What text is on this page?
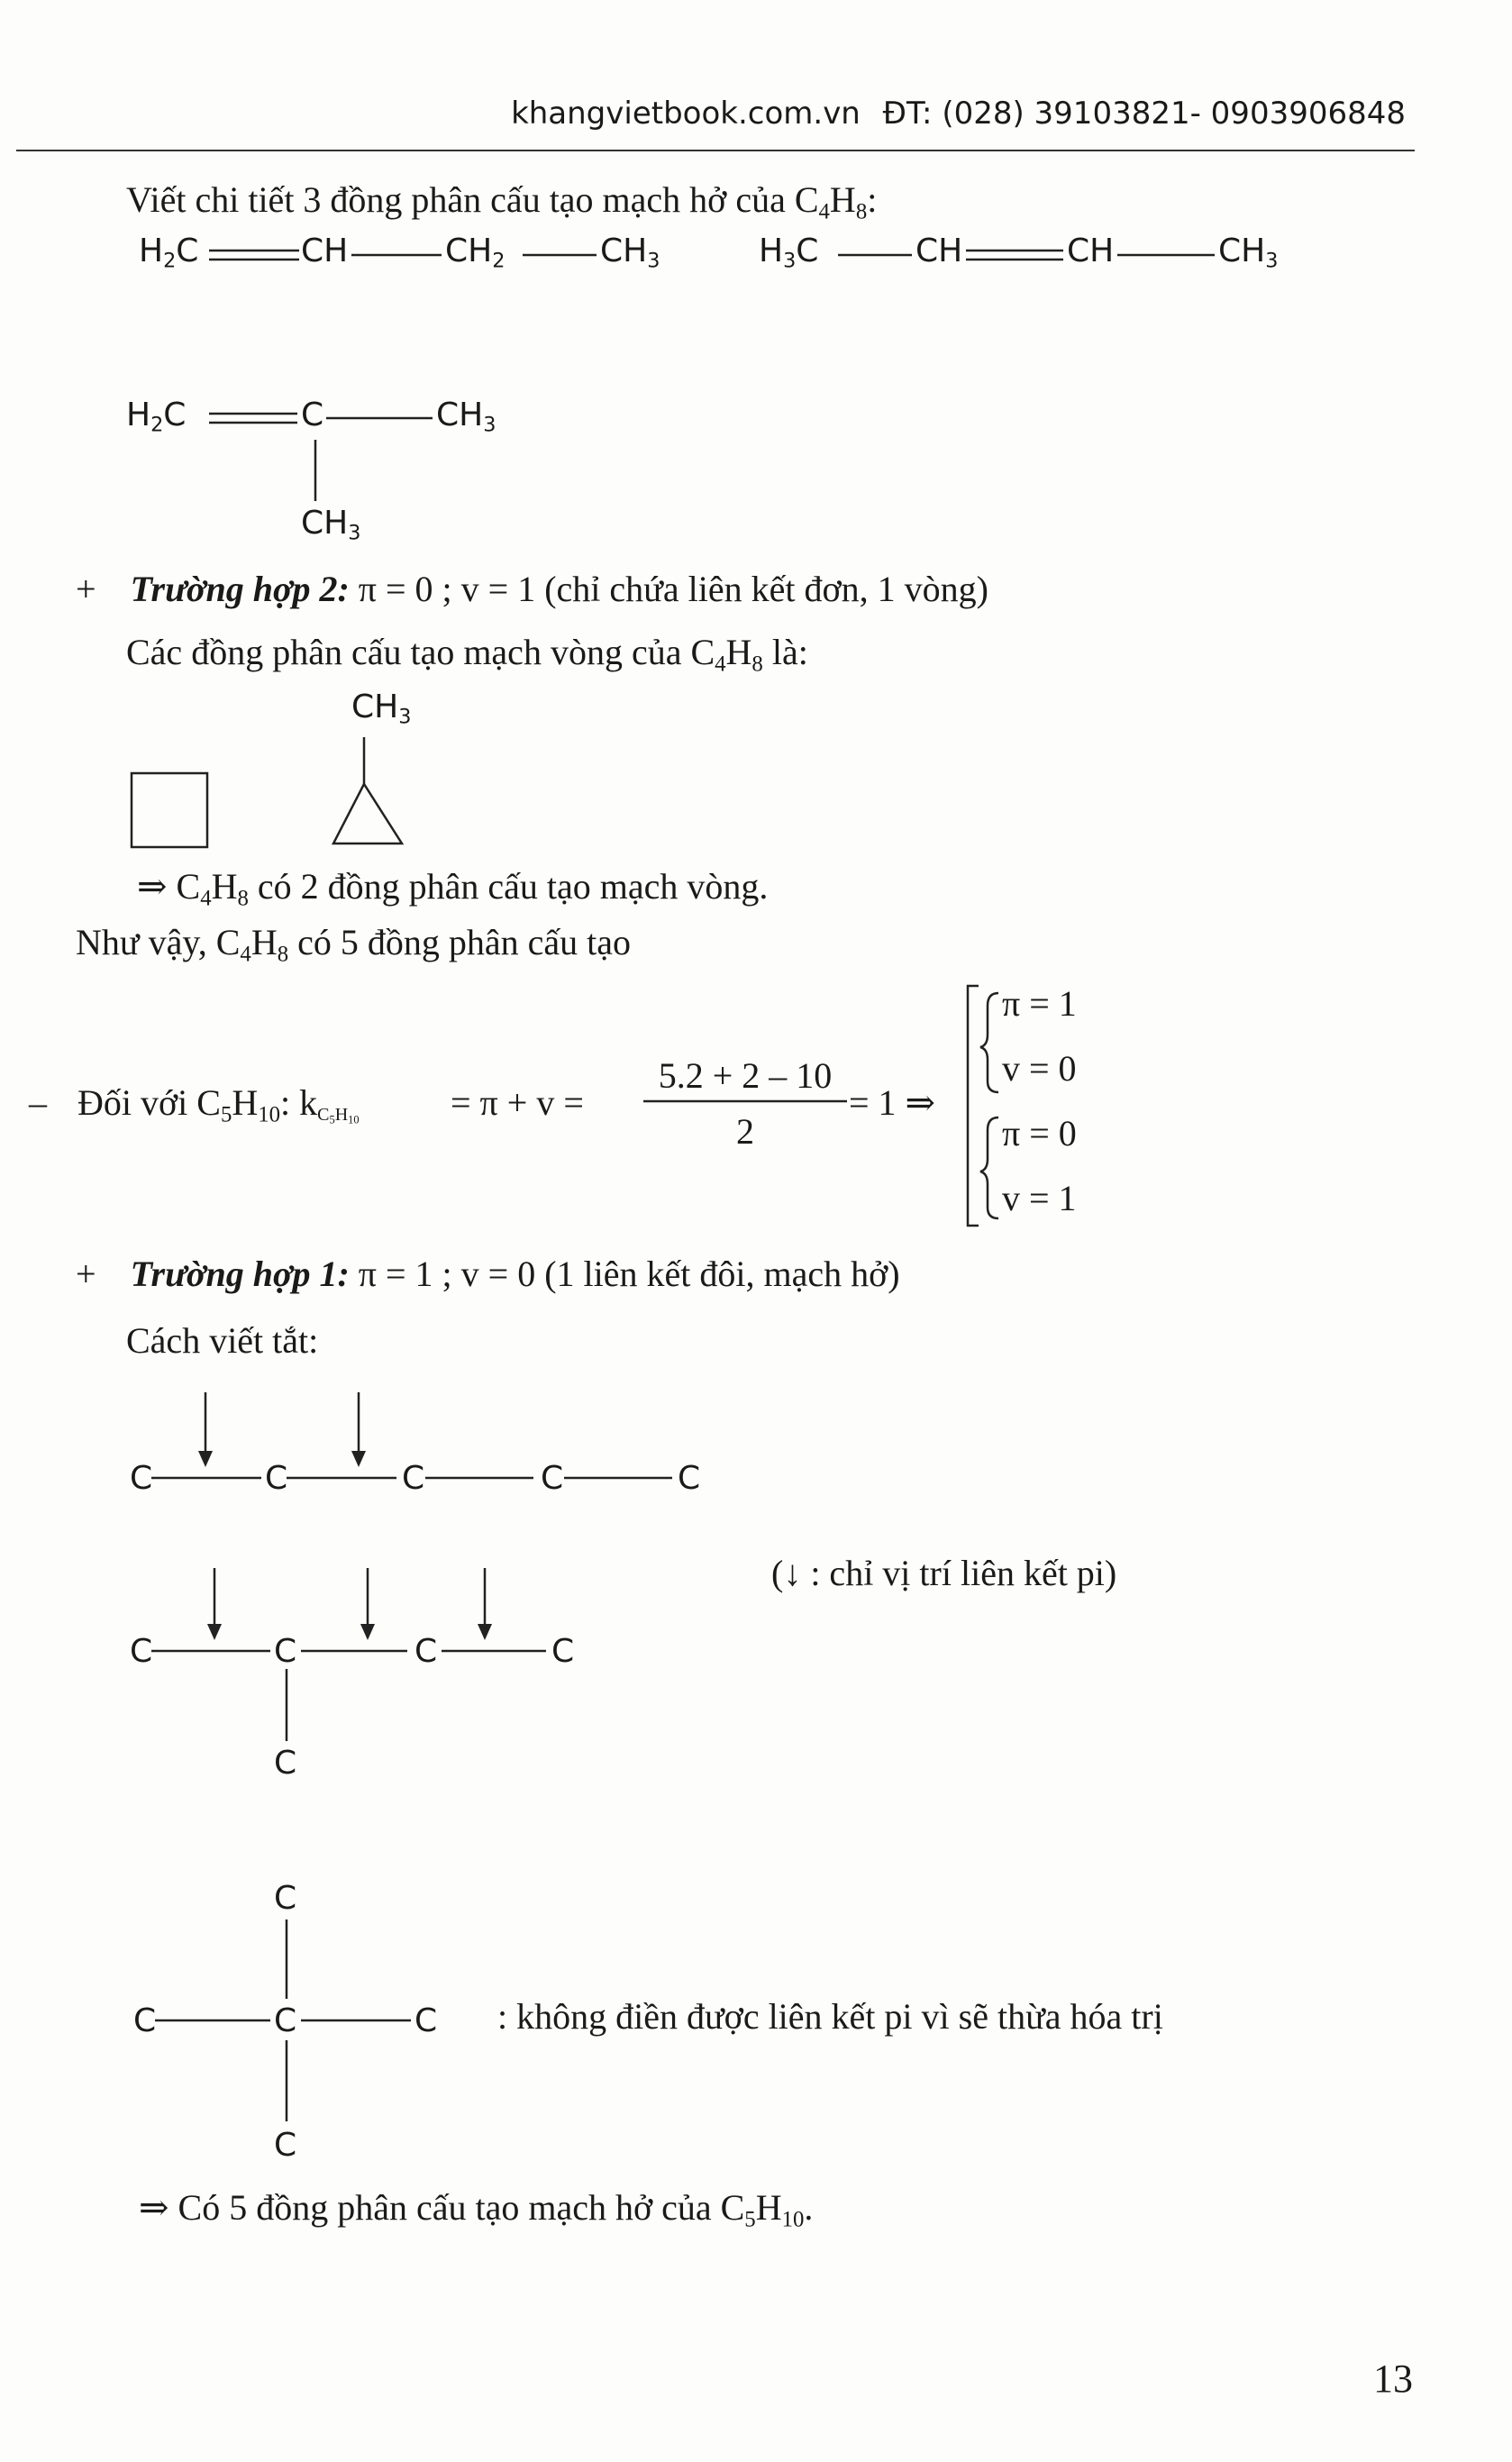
khangvietbook.com.vn ĐT: (028) 39103821- 0903906848
Viết chi tiết 3 đồng phân cấu tạo mạch hở của $C_4H_8$:
$H_2C$	CH	$CH_2$	$CH_3$	$H_3C$	CH	CH	$CH_3$
$H_2C$	C	$CH_3$
$CH_3$
+ Trường hợp 2: π = 0 ; v = 1 (chỉ chứa liên kết đơn, 1 vòng)
Các đồng phân cấu tạo mạch vòng của $C_4H_8$ là:
$CH_3$
⇒ $C_4H_8$ có 2 đồng phân cấu tạo mạch vòng.
Như vậy, $C_4H_8$ có 5 đồng phân cấu tạo
– Đối với $C_5H_{10}$: $k_{C_5H_{10}}$	= π + v =
5.2 + 2 – 10
2
= 1 ⇒
π = 1
v = 0
π = 0
v = 1
+ Trường hợp 1: π = 1 ; v = 0 (1 liên kết đôi, mạch hở)
Cách viết tắt:
C	C	C	C	C
(↓ : chỉ vị trí liên kết pi)
C	C	C	C
C
C
C	C	C
C
: không điền được liên kết pi vì sẽ thừa hóa trị
⇒ Có 5 đồng phân cấu tạo mạch hở của $C_5H_{10}$.
13
